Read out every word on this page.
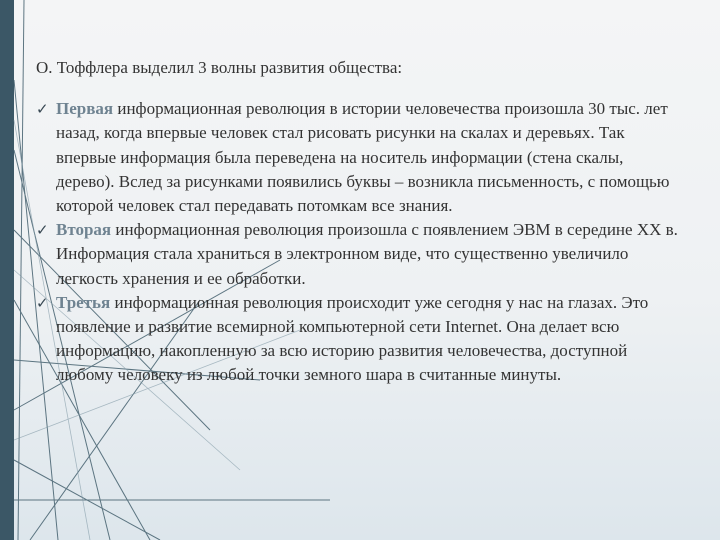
О. Тоффлера выделил 3 волны развития общества:

✓ Первая информационная революция в истории человечества произошла 30 тыс. лет назад, когда впервые человек стал рисовать рисунки на скалах и деревьях. Так впервые информация была переведена на носитель информации (стена скалы, дерево). Вслед за рисунками появились буквы – возникла письменность, с помощью которой человек стал передавать потомкам все знания.
✓ Вторая информационная революция произошла с появлением ЭВМ в середине XX в. Информация стала храниться в электронном виде, что существенно увеличило легкость хранения и ее обработки.
✓ Третья информационная революция происходит уже сегодня у нас на глазах. Это появление и развитие всемирной компьютерной сети Internet. Она делает всю информацию, накопленную за всю историю развития человечества, доступной любому человеку из любой точки земного шара в считанные минуты.
